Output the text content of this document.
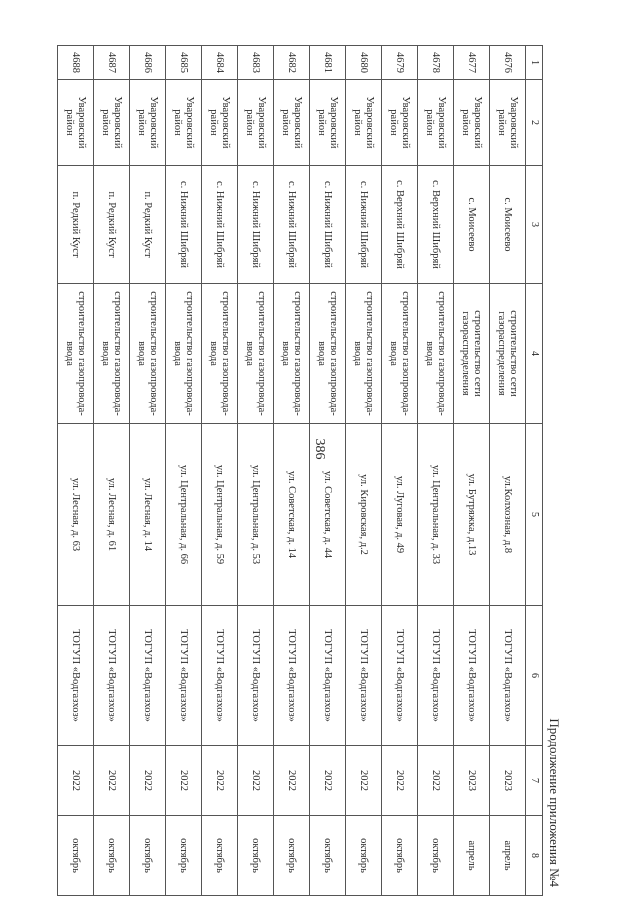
386
Продолжение приложения №4
1	2	3	4	5	6	7	8
4676	Уваровский район	с. Моисеево	строительство сети газораспределения	ул.Колхозная, д.8	ТОГУП «Водгазхоз»	2023	апрель
4677	Уваровский район	с. Моисеево	строительство сети газораспределения	ул. Бутряжка, д.13	ТОГУП «Водгазхоз»	2023	апрель
4678	Уваровский район	с. Верхний Шибряй	строительство газопровода-ввода	ул. Центральная, д. 33	ТОГУП «Водгазхоз»	2022	октябрь
4679	Уваровский район	с. Верхний Шибряй	строительство газопровода-ввода	ул. Луговая, д. 49	ТОГУП «Водгазхоз»	2022	октябрь
4680	Уваровский район	с. Нижний Шибряй	строительство газопровода-ввода	ул. Кировская, д.2	ТОГУП «Водгазхоз»	2022	октябрь
4681	Уваровский район	с. Нижний Шибряй	строительство газопровода-ввода	ул. Советская, д. 44	ТОГУП «Водгазхоз»	2022	октябрь
4682	Уваровский район	с. Нижний Шибряй	строительство газопровода-ввода	ул. Советская, д. 14	ТОГУП «Водгазхоз»	2022	октябрь
4683	Уваровский район	с. Нижний Шибряй	строительство газопровода-ввода	ул. Центральная, д. 53	ТОГУП «Водгазхоз»	2022	октябрь
4684	Уваровский район	с. Нижний Шибряй	строительство газопровода-ввода	ул. Центральная, д. 59	ТОГУП «Водгазхоз»	2022	октябрь
4685	Уваровский район	с. Нижний Шибряй	строительство газопровода-ввода	ул. Центральная, д. 66	ТОГУП «Водгазхоз»	2022	октябрь
4686	Уваровский район	п. Редкий Куст	строительство газопровода-ввода	ул. Лесная, д. 14	ТОГУП «Водгазхоз»	2022	октябрь
4687	Уваровский район	п. Редкий Куст	строительство газопровода-ввода	ул. Лесная, д. 61	ТОГУП «Водгазхоз»	2022	октябрь
4688	Уваровский район	п. Редкий Куст	строительство газопровода-ввода	ул. Лесная, д. 63	ТОГУП «Водгазхоз»	2022	октябрь
